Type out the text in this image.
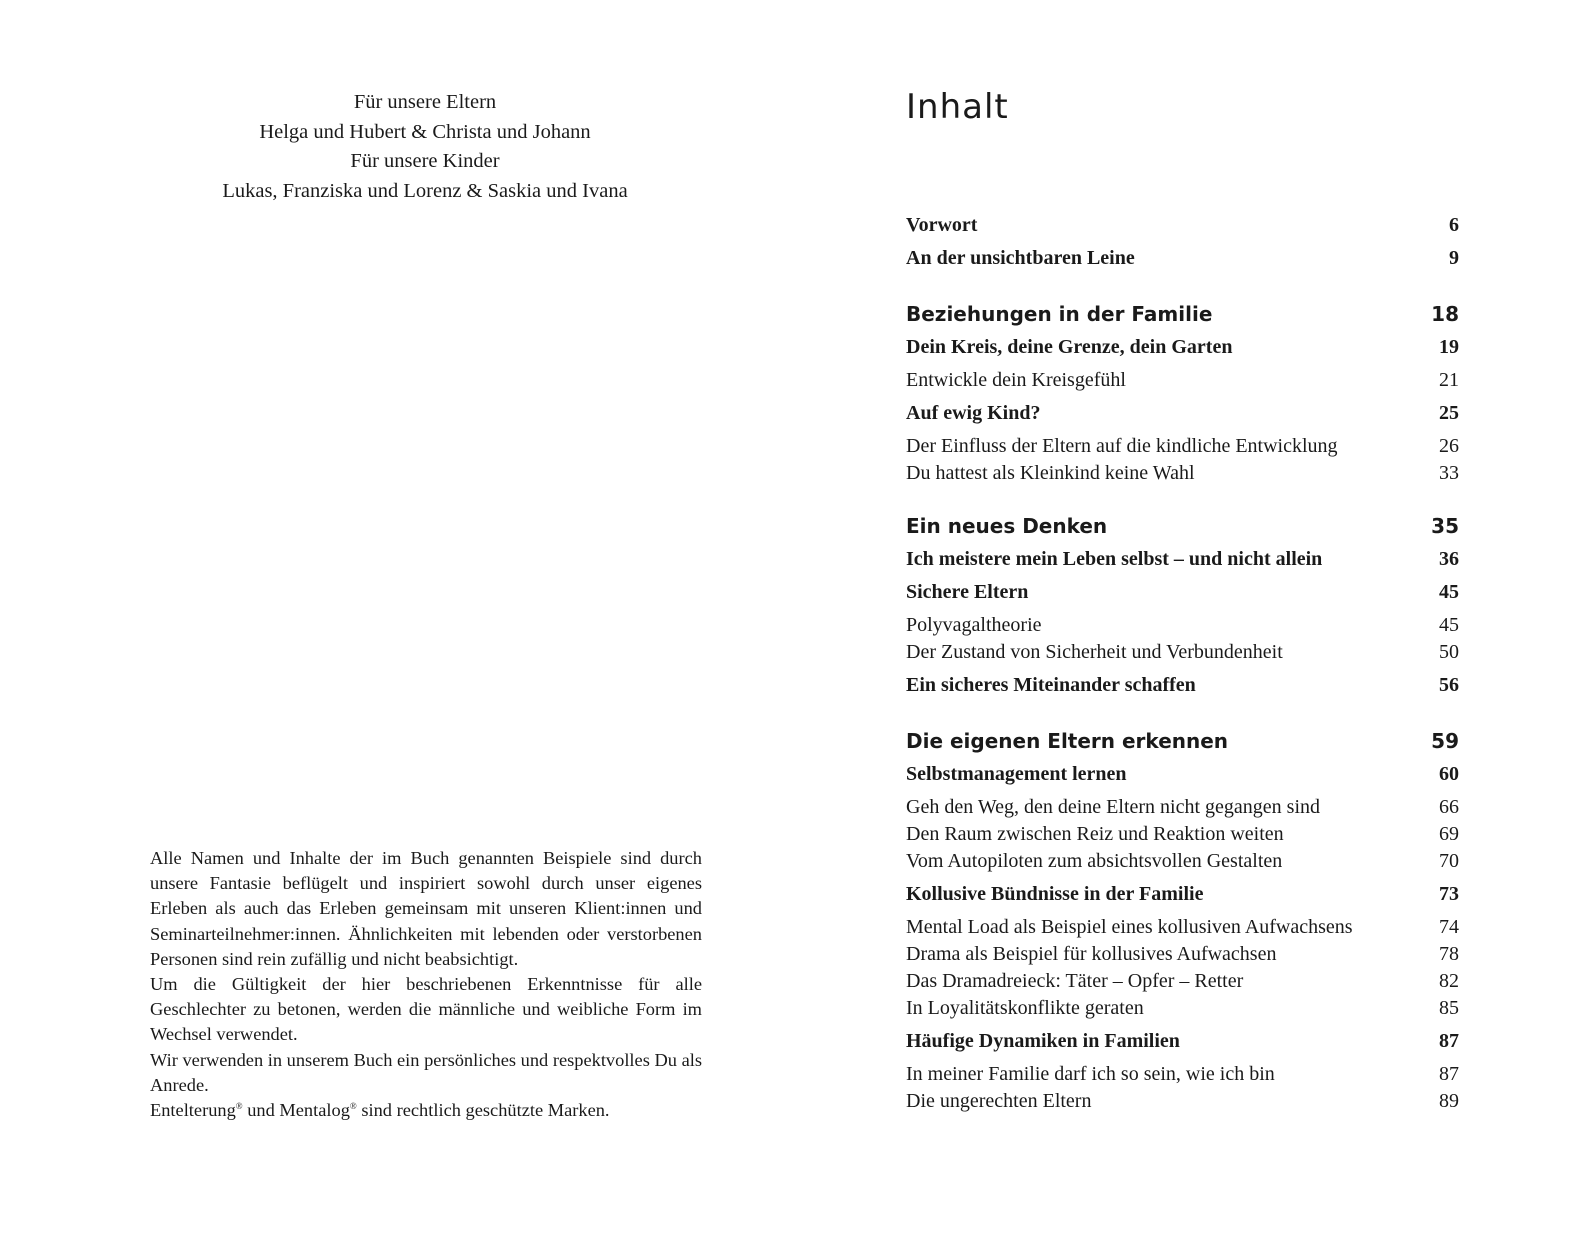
Für unsere Eltern
Helga und Hubert & Christa und Johann
Für unsere Kinder
Lukas, Franziska und Lorenz & Saskia und Ivana

Alle Namen und Inhalte der im Buch genannten Beispiele sind durch unsere Fantasie beflügelt und inspiriert sowohl durch unser eigenes Erleben als auch das Erleben gemeinsam mit unseren Klient:innen und Seminarteilnehmer:innen. Ähnlichkeiten mit lebenden oder verstorbenen Personen sind rein zufällig und nicht beabsichtigt.

Um die Gültigkeit der hier beschriebenen Erkenntnisse für alle Geschlechter zu betonen, werden die männliche und weibliche Form im Wechsel verwendet.

Wir verwenden in unserem Buch ein persönliches und respektvolles Du als Anrede.

Entelterung® und Mentalog® sind rechtlich geschützte Marken.

Inhalt
Vorwort	6
An der unsichtbaren Leine	9
Beziehungen in der Familie	18
Dein Kreis, deine Grenze, dein Garten	19
Entwickle dein Kreisgefühl	21
Auf ewig Kind?	25
Der Einfluss der Eltern auf die kindliche Entwicklung	26
Du hattest als Kleinkind keine Wahl	33
Ein neues Denken	35
Ich meistere mein Leben selbst – und nicht allein	36
Sichere Eltern	45
Polyvagaltheorie	45
Der Zustand von Sicherheit und Verbundenheit	50
Ein sicheres Miteinander schaffen	56
Die eigenen Eltern erkennen	59
Selbstmanagement lernen	60
Geh den Weg, den deine Eltern nicht gegangen sind	66
Den Raum zwischen Reiz und Reaktion weiten	69
Vom Autopiloten zum absichtsvollen Gestalten	70
Kollusive Bündnisse in der Familie	73
Mental Load als Beispiel eines kollusiven Aufwachsens	74
Drama als Beispiel für kollusives Aufwachsen	78
Das Dramadreieck: Täter – Opfer – Retter	82
In Loyalitätskonflikte geraten	85
Häufige Dynamiken in Familien	87
In meiner Familie darf ich so sein, wie ich bin	87
Die ungerechten Eltern	89
